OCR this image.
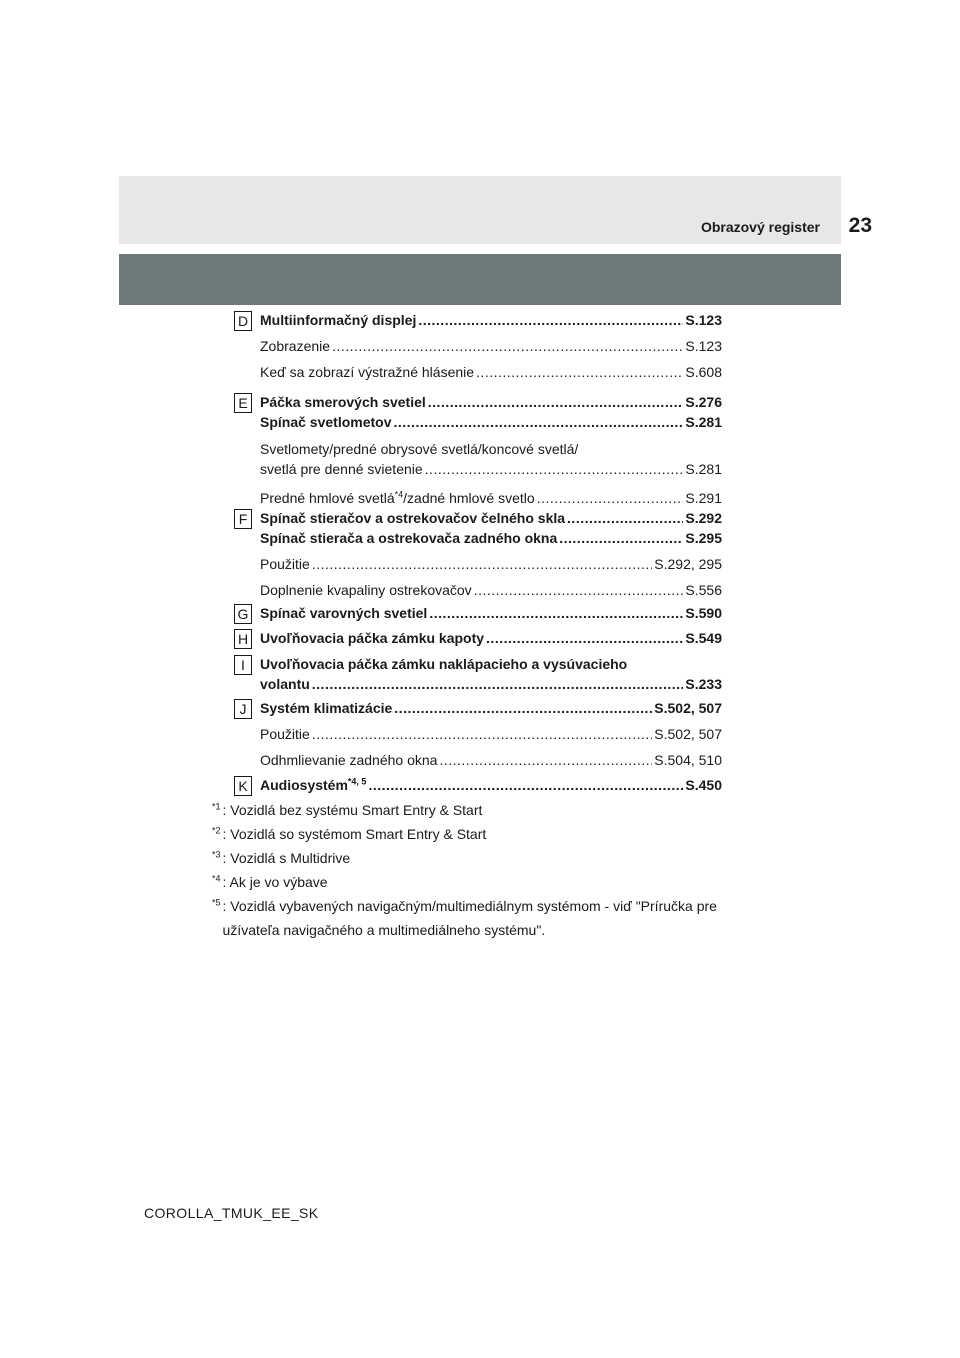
Obrazový register 23
D Multiinformačný displej .....	S.123
Zobrazenie .....	S.123
Keď sa zobrazí výstražné hlásenie .....	S.608
E Páčka smerových svetiel .....	S.276
Spínač svetlometov .....	S.281
Svetlomety/predné obrysové svetlá/koncové svetlá/
svetlá pre denné svietenie .....	S.281
Predné hmlové svetlá$^{*4}$/zadné hmlové svetlo .....	S.291
F Spínač stieračov a ostrekovačov čelného skla .....	S.292
Spínač stierača a ostrekovača zadného okna .....	S.295
Použitie .....	S.292, 295
Doplnenie kvapaliny ostrekovačov .....	S.556
G Spínač varovných svetiel .....	S.590
H Uvoľňovacia páčka zámku kapoty .....	S.549
I	Uvoľňovacia páčka zámku naklápacieho a vysúvacieho
volantu .....	S.233
J Systém klimatizácie .....	S.502, 507
Použitie .....	S.502, 507
Odhmlievanie zadného okna .....	S.504, 510
K Audiosystém$^{*4, 5}$ .....	S.450
$^{*1}$ : Vozidlá bez systému Smart Entry & Start
$^{*2}$ : Vozidlá so systémom Smart Entry & Start
$^{*3}$ : Vozidlá s Multidrive
$^{*4}$ : Ak je vo výbave
$^{*5}$ : Vozidlá vybavených navigačným/multimediálnym systémom - viď "Príručka pre užívateľa navigačného a multimediálneho systému".
COROLLA_TMUK_EE_SK
